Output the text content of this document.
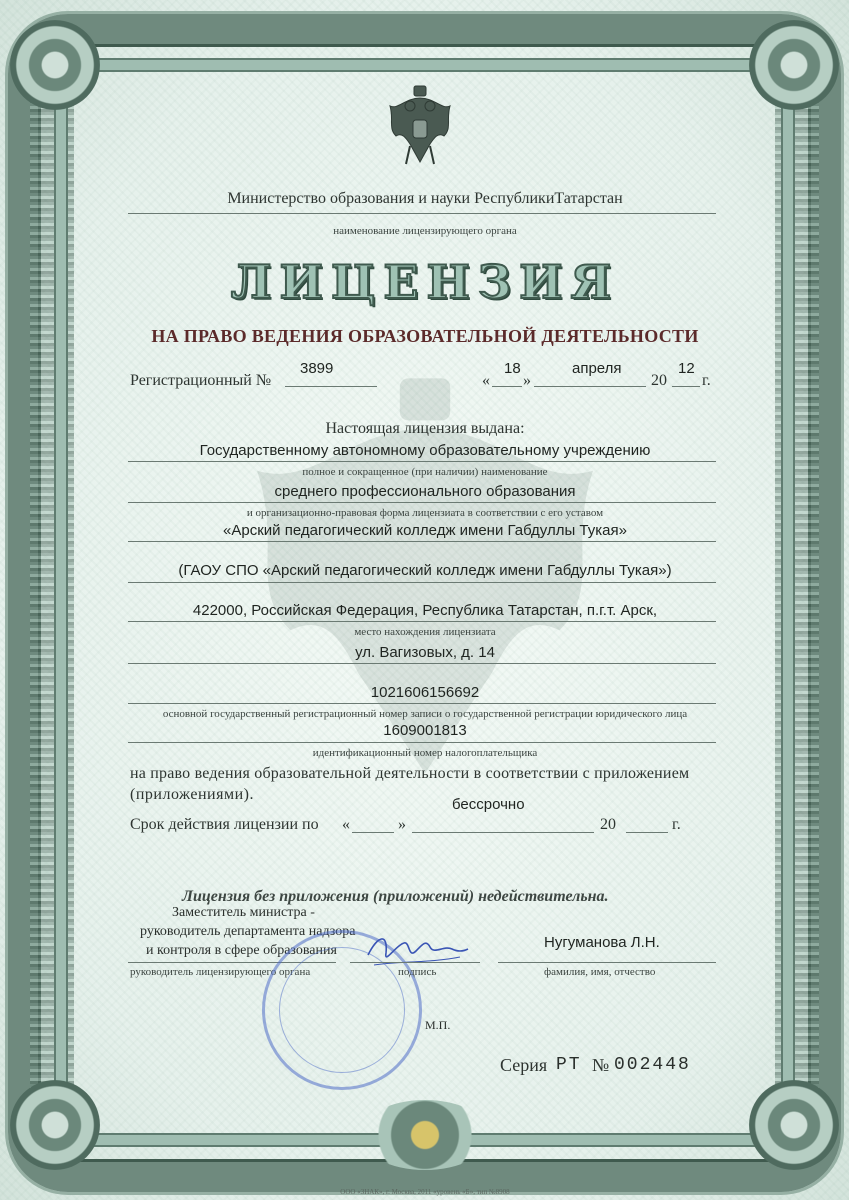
Министерство образования и науки РеспубликиТатарстан
наименование лицензирующего органа
ЛИЦЕНЗИЯ
НА ПРАВО ВЕДЕНИЯ ОБРАЗОВАТЕЛЬНОЙ ДЕЯТЕЛЬНОСТИ
Регистрационный №
3899
«
18
»
апреля
20
12
г.
Настоящая лицензия выдана:
Государственному автономному образовательному учреждению
полное и сокращенное (при наличии) наименование
среднего профессионального образования
и организационно-правовая форма лицензиата в соответствии с его уставом
«Арский педагогический колледж имени Габдуллы Тукая»
(ГАОУ СПО «Арский педагогический колледж имени Габдуллы Тукая»)
422000, Российская Федерация, Республика Татарстан, п.г.т. Арск,
место нахождения лицензиата
ул. Вагизовых, д. 14
1021606156692
основной государственный регистрационный номер записи о государственной регистрации юридического лица
1609001813
идентификационный номер налогоплательщика
на право ведения образовательной деятельности в соответствии с приложением
(приложениями).
Срок действия лицензии по «	»
бессрочно
20	г.
Лицензия без приложения (приложений) недействительна.
Заместитель министра -
руководитель департамента надзора
и контроля в сфере образования
руководитель лицензирующего органа	подпись
Нугуманова Л.Н.
фамилия, имя, отчество
М.П.
Серия РТ № 002448
ООО «ЗНАК», г. Москва, 2011 «уровень «Б», тип №8908
